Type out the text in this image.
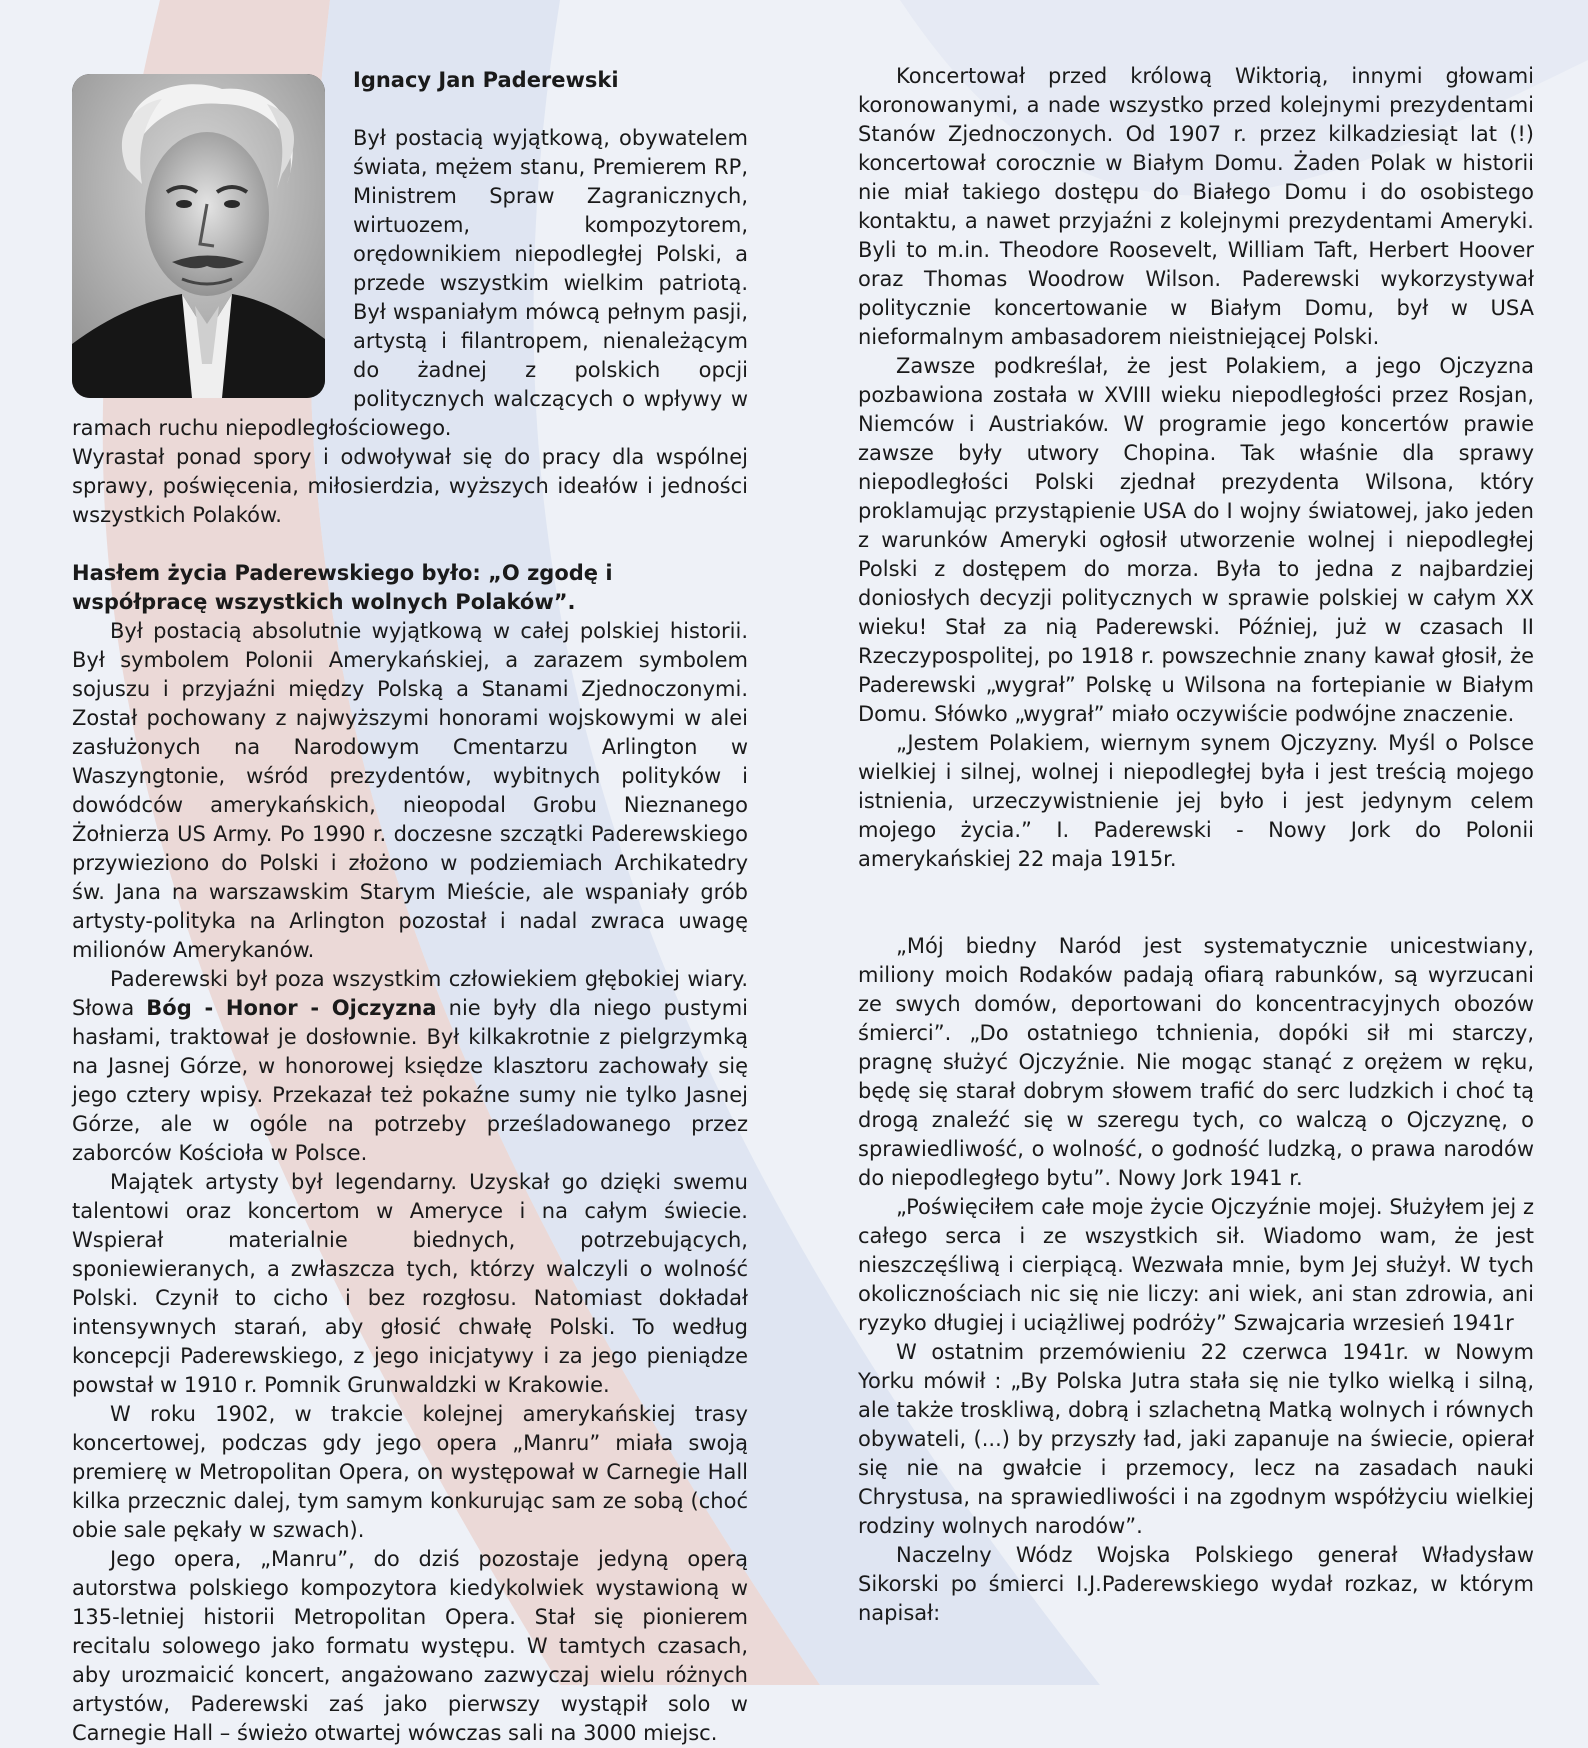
Ignacy Jan Paderewski

Był postacią wyjątkową, obywatelem świata, mężem stanu, Premierem RP, Ministrem Spraw Zagranicznych, wirtuozem, kompozytorem, orędownikiem niepodległej Polski, a przede wszystkim wielkim patriotą. Był wspaniałym mówcą pełnym pasji, artystą i filantropem, nienależącym do żadnej z polskich opcji politycznych walczących o wpływy w ramach ruchu niepodległościowego.

Wyrastał ponad spory i odwoływał się do pracy dla wspólnej sprawy, poświęcenia, miłosierdzia, wyższych ideałów i jedności wszystkich Polaków.

Hasłem życia Paderewskiego było: „O zgodę i współpracę wszystkich wolnych Polaków”.

Był postacią absolutnie wyjątkową w całej polskiej historii. Był symbolem Polonii Amerykańskiej, a zarazem symbolem sojuszu i przyjaźni między Polską a Stanami Zjednoczonymi. Został pochowany z najwyższymi honorami wojskowymi w alei zasłużonych na Narodowym Cmentarzu Arlington w Waszyngtonie, wśród prezydentów, wybitnych polityków i dowódców amerykańskich, nieopodal Grobu Nieznanego Żołnierza US Army. Po 1990 r. doczesne szczątki Paderewskiego przywieziono do Polski i złożono w podziemiach Archikatedry św. Jana na warszawskim Starym Mieście, ale wspaniały grób artysty-polityka na Arlington pozostał i nadal zwraca uwagę milionów Amerykanów.

Paderewski był poza wszystkim człowiekiem głębokiej wiary. Słowa Bóg - Honor - Ojczyzna nie były dla niego pustymi hasłami, traktował je dosłownie. Był kilkakrotnie z pielgrzymką na Jasnej Górze, w honorowej księdze klasztoru zachowały się jego cztery wpisy. Przekazał też pokaźne sumy nie tylko Jasnej Górze, ale w ogóle na potrzeby prześladowanego przez zaborców Kościoła w Polsce.

Majątek artysty był legendarny. Uzyskał go dzięki swemu talentowi oraz koncertom w Ameryce i na całym świecie. Wspierał materialnie biednych, potrzebujących, sponiewieranych, a zwłaszcza tych, którzy walczyli o wolność Polski. Czynił to cicho i bez rozgłosu. Natomiast dokładał intensywnych starań, aby głosić chwałę Polski. To według koncepcji Paderewskiego, z jego inicjatywy i za jego pieniądze powstał w 1910 r. Pomnik Grunwaldzki w Krakowie.

W roku 1902, w trakcie kolejnej amerykańskiej trasy koncertowej, podczas gdy jego opera „Manru” miała swoją premierę w Metropolitan Opera, on występował w Carnegie Hall kilka przecznic dalej, tym samym konkurując sam ze sobą (choć obie sale pękały w szwach).

Jego opera, „Manru”, do dziś pozostaje jedyną operą autorstwa polskiego kompozytora kiedykolwiek wystawioną w 135-letniej historii Metropolitan Opera. Stał się pionierem recitalu solowego jako formatu występu. W tamtych czasach, aby urozmaicić koncert, angażowano zazwyczaj wielu różnych artystów, Paderewski zaś jako pierwszy wystąpił solo w Carnegie Hall – świeżo otwartej wówczas sali na 3000 miejsc.

Koncertował przed królową Wiktorią, innymi głowami koronowanymi, a nade wszystko przed kolejnymi prezydentami Stanów Zjednoczonych. Od 1907 r. przez kilkadziesiąt lat (!) koncertował corocznie w Białym Domu. Żaden Polak w historii nie miał takiego dostępu do Białego Domu i do osobistego kontaktu, a nawet przyjaźni z kolejnymi prezydentami Ameryki. Byli to m.in. Theodore Roosevelt, William Taft, Herbert Hoover oraz Thomas Woodrow Wilson. Paderewski wykorzystywał politycznie koncertowanie w Białym Domu, był w USA nieformalnym ambasadorem nieistniejącej Polski.

Zawsze podkreślał, że jest Polakiem, a jego Ojczyzna pozbawiona została w XVIII wieku niepodległości przez Rosjan, Niemców i Austriaków. W programie jego koncertów prawie zawsze były utwory Chopina. Tak właśnie dla sprawy niepodległości Polski zjednał prezydenta Wilsona, który proklamując przystąpienie USA do I wojny światowej, jako jeden z warunków Ameryki ogłosił utworzenie wolnej i niepodległej Polski z dostępem do morza. Była to jedna z najbardziej doniosłych decyzji politycznych w sprawie polskiej w całym XX wieku! Stał za nią Paderewski. Później, już w czasach II Rzeczypospolitej, po 1918 r. powszechnie znany kawał głosił, że Paderewski „wygrał” Polskę u Wilsona na fortepianie w Białym Domu. Słówko „wygrał” miało oczywiście podwójne znaczenie.

„Jestem Polakiem, wiernym synem Ojczyzny. Myśl o Polsce wielkiej i silnej, wolnej i niepodległej była i jest treścią mojego istnienia, urzeczywistnienie jej było i jest jedynym celem mojego życia.” I. Paderewski - Nowy Jork do Polonii amerykańskiej 22 maja 1915r.

„Mój biedny Naród jest systematycznie unicestwiany, miliony moich Rodaków padają ofiarą rabunków, są wyrzucani ze swych domów, deportowani do koncentracyjnych obozów śmierci”. „Do ostatniego tchnienia, dopóki sił mi starczy, pragnę służyć Ojczyźnie. Nie mogąc stanąć z orężem w ręku, będę się starał dobrym słowem trafić do serc ludzkich i choć tą drogą znaleźć się w szeregu tych, co walczą o Ojczyznę, o sprawiedliwość, o wolność, o godność ludzką, o prawa narodów do niepodległego bytu”. Nowy Jork 1941 r.

„Poświęciłem całe moje życie Ojczyźnie mojej. Służyłem jej z całego serca i ze wszystkich sił. Wiadomo wam, że jest nieszczęśliwą i cierpiącą. Wezwała mnie, bym Jej służył. W tych okolicznościach nic się nie liczy: ani wiek, ani stan zdrowia, ani ryzyko długiej i uciążliwej podróży” Szwajcaria wrzesień 1941r

W ostatnim przemówieniu 22 czerwca 1941r. w Nowym Yorku mówił : „By Polska Jutra stała się nie tylko wielką i silną, ale także troskliwą, dobrą i szlachetną Matką wolnych i równych obywateli, (...) by przyszły ład, jaki zapanuje na świecie, opierał się nie na gwałcie i przemocy, lecz na zasadach nauki Chrystusa, na sprawiedliwości i na zgodnym współżyciu wielkiej rodziny wolnych narodów”.

Naczelny Wódz Wojska Polskiego generał Władysław Sikorski po śmierci I.J.Paderewskiego wydał rozkaz, w którym napisał:
